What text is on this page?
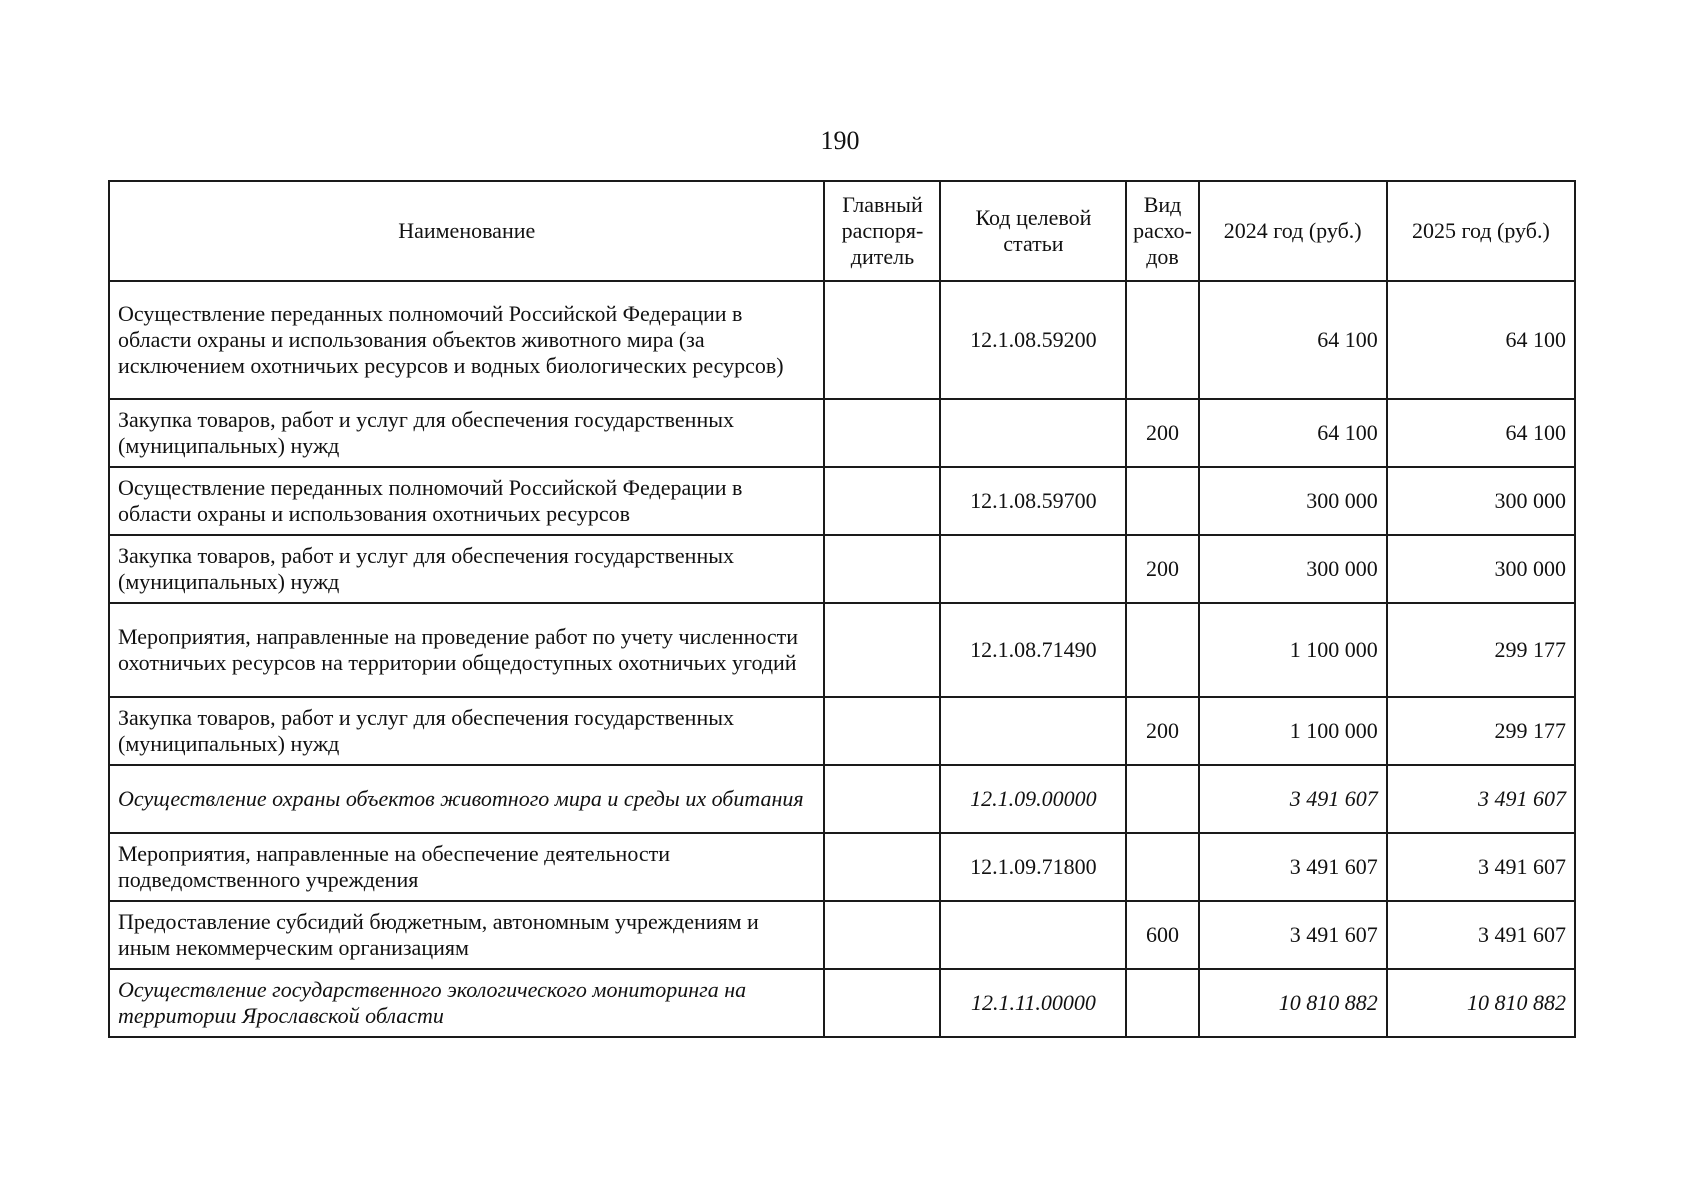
190
Наименование	Главный распоря-дитель	Код целевой статьи	Вид расхо-дов	2024 год (руб.)	2025 год (руб.)
Осуществление переданных полномочий Российской Федерации в области охраны и использования объектов животного мира (за исключением охотничьих ресурсов и водных биологических ресурсов)		12.1.08.59200		64 100	64 100
Закупка товаров, работ и услуг для обеспечения государственных (муниципальных) нужд			200	64 100	64 100
Осуществление переданных полномочий Российской Федерации в области охраны и использования охотничьих ресурсов		12.1.08.59700		300 000	300 000
Закупка товаров, работ и услуг для обеспечения государственных (муниципальных) нужд			200	300 000	300 000
Мероприятия, направленные на проведение работ по учету численности охотничьих ресурсов на территории общедоступных охотничьих угодий		12.1.08.71490		1 100 000	299 177
Закупка товаров, работ и услуг для обеспечения государственных (муниципальных) нужд			200	1 100 000	299 177
Осуществление охраны объектов животного мира и среды их обитания		12.1.09.00000		3 491 607	3 491 607
Мероприятия, направленные на обеспечение деятельности подведомственного учреждения		12.1.09.71800		3 491 607	3 491 607
Предоставление субсидий бюджетным, автономным учреждениям и иным некоммерческим организациям			600	3 491 607	3 491 607
Осуществление государственного экологического мониторинга на территории Ярославской области		12.1.11.00000		10 810 882	10 810 882
